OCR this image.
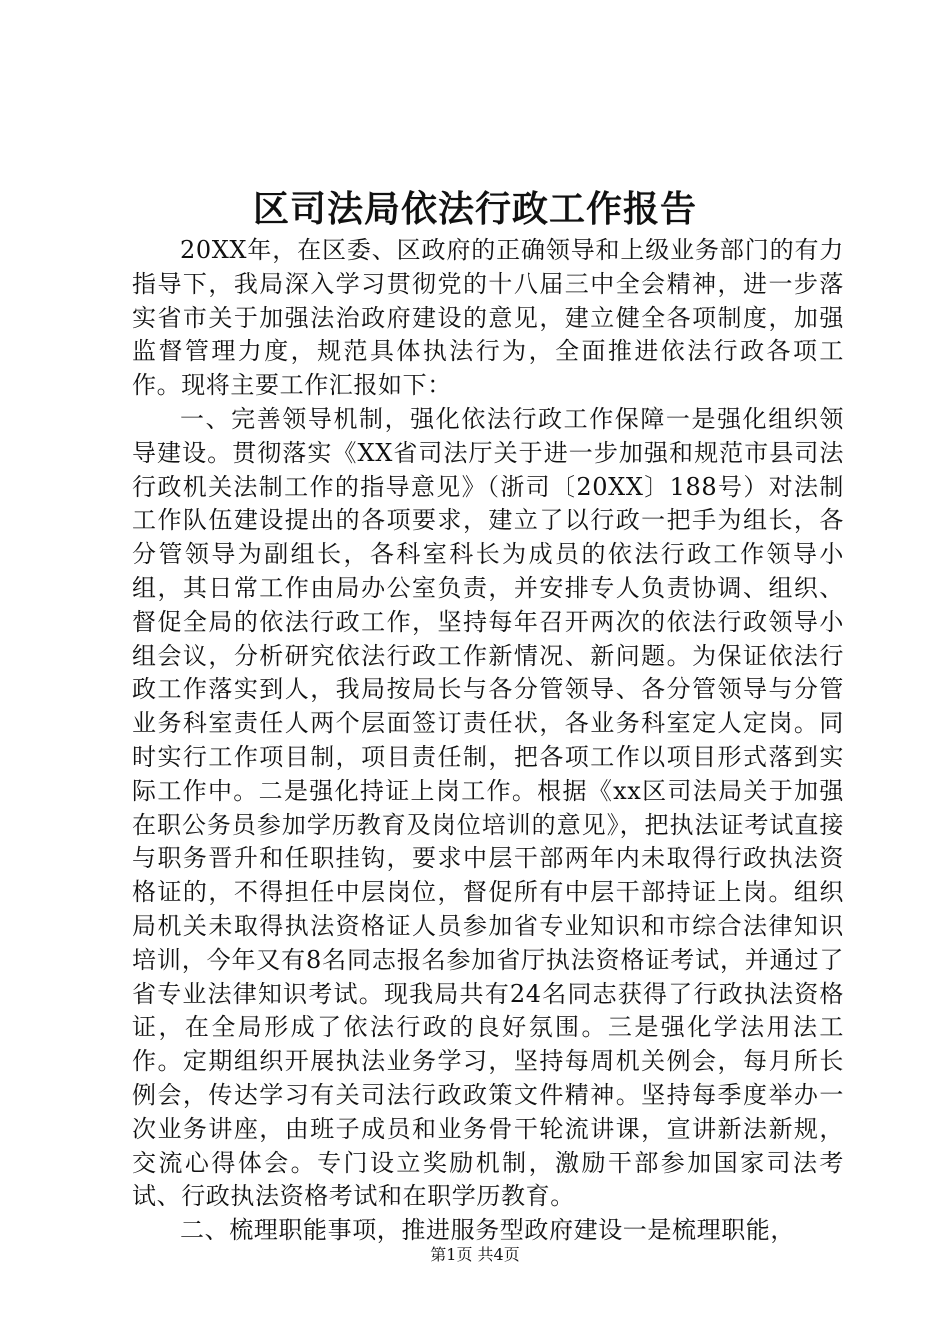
区司法局依法行政工作报告

20XX年，在区委、区政府的正确领导和上级业务部门的有力指导下，我局深入学习贯彻党的十八届三中全会精神，进一步落实省市关于加强法治政府建设的意见，建立健全各项制度，加强监督管理力度，规范具体执法行为，全面推进依法行政各项工作。现将主要工作汇报如下：

一、完善领导机制，强化依法行政工作保障一是强化组织领导建设。贯彻落实《XX省司法厅关于进一步加强和规范市县司法行政机关法制工作的指导意见》（浙司〔20XX〕188号）对法制工作队伍建设提出的各项要求，建立了以行政一把手为组长，各分管领导为副组长，各科室科长为成员的依法行政工作领导小组，其日常工作由局办公室负责，并安排专人负责协调、组织、督促全局的依法行政工作，坚持每年召开两次的依法行政领导小组会议，分析研究依法行政工作新情况、新问题。为保证依法行政工作落实到人，我局按局长与各分管领导、各分管领导与分管业务科室责任人两个层面签订责任状，各业务科室定人定岗。同时实行工作项目制，项目责任制，把各项工作以项目形式落到实际工作中。二是强化持证上岗工作。根据《xx区司法局关于加强在职公务员参加学历教育及岗位培训的意见》，把执法证考试直接与职务晋升和任职挂钩，要求中层干部两年内未取得行政执法资格证的，不得担任中层岗位，督促所有中层干部持证上岗。组织局机关未取得执法资格证人员参加省专业知识和市综合法律知识培训，今年又有8名同志报名参加省厅执法资格证考试，并通过了省专业法律知识考试。现我局共有24名同志获得了行政执法资格证，在全局形成了依法行政的良好氛围。三是强化学法用法工作。定期组织开展执法业务学习，坚持每周机关例会，每月所长例会，传达学习有关司法行政政策文件精神。坚持每季度举办一次业务讲座，由班子成员和业务骨干轮流讲课，宣讲新法新规，交流心得体会。专门设立奖励机制，激励干部参加国家司法考试、行政执法资格考试和在职学历教育。

二、梳理职能事项，推进服务型政府建设一是梳理职能，

第1页 共4页
